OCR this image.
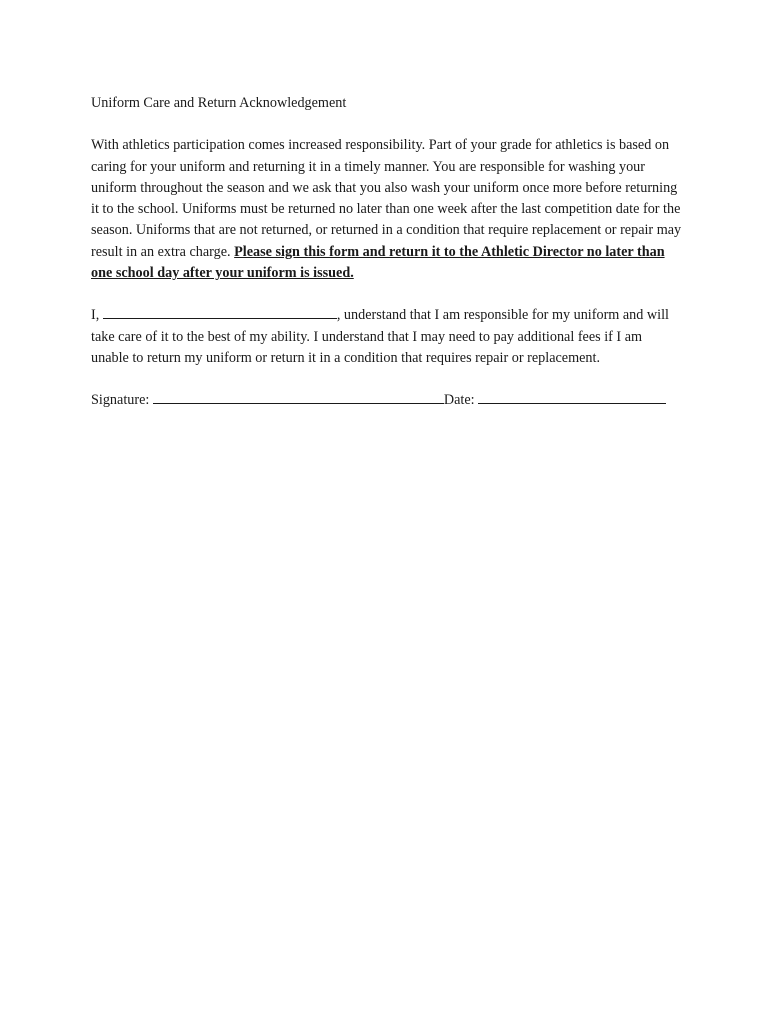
Uniform Care and Return Acknowledgement

With athletics participation comes increased responsibility. Part of your grade for athletics is based on caring for your uniform and returning it in a timely manner. You are responsible for washing your uniform throughout the season and we ask that you also wash your uniform once more before returning it to the school. Uniforms must be returned no later than one week after the last competition date for the season. Uniforms that are not returned, or returned in a condition that require replacement or repair may result in an extra charge. Please sign this form and return it to the Athletic Director no later than one school day after your uniform is issued.

I,	, understand that I am responsible for my uniform and will take care of it to the best of my ability. I understand that I may need to pay additional fees if I am unable to return my uniform or return it in a condition that requires repair or replacement.

Signature:	Date:
